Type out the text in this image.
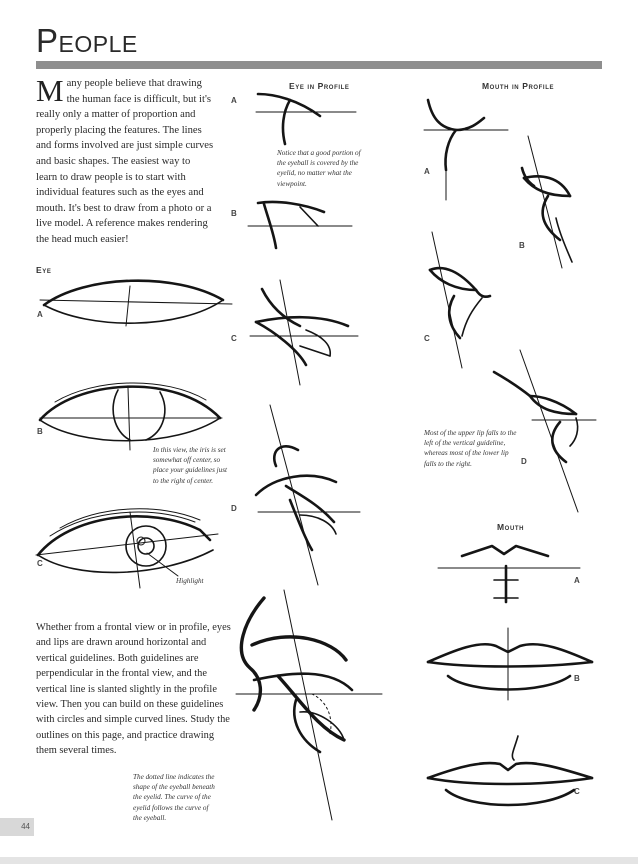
People
Many people believe that drawing the human face is difficult, but it's really only a matter of proportion and properly placing the features. The lines and forms involved are just simple curves and basic shapes. The easiest way to learn to draw people is to start with individual features such as the eyes and mouth. It's best to draw from a photo or a live model. A reference makes rendering the head much easier!
Eye
A
B
C
In this view, the iris is set somewhat off center, so place your guidelines just to the right of center.
Highlight
Whether from a frontal view or in profile, eyes and lips are drawn around horizontal and vertical guidelines. Both guidelines are perpendicular in the frontal view, and the vertical line is slanted slightly in the profile view. Then you can build on these guidelines with circles and simple curved lines. Study the outlines on this page, and practice drawing them several times.
Eye in Profile
A
B
C
D
Notice that a good portion of the eyeball is covered by the eyelid, no matter what the viewpoint.
The dotted line indicates the shape of the eyeball beneath the eyelid. The curve of the eyelid follows the curve of the eyeball.
Mouth in Profile
A
B
C
D
Most of the upper lip falls to the left of the vertical guideline, whereas most of the lower lip falls to the right.
Mouth
A
B
C
44
